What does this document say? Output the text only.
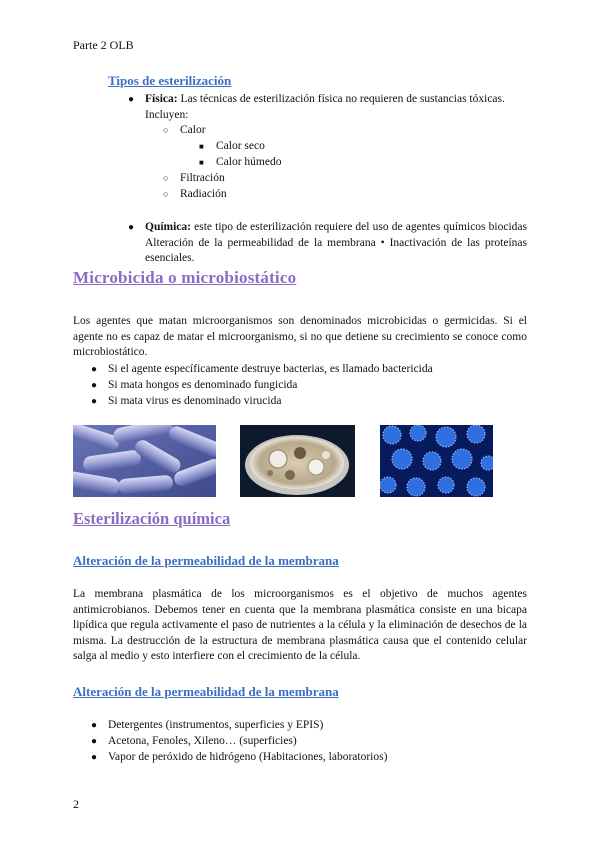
Parte 2 OLB
Tipos de esterilización
● Física: Las técnicas de esterilización física no requieren de sustancias tóxicas. Incluyen:
○ Calor
■ Calor seco
■ Calor húmedo
○ Filtración
○ Radiación
● Química: este tipo de esterilización requiere del uso de agentes químicos biocidas Alteración de la permeabilidad de la membrana • Inactivación de las proteínas esenciales.
Microbicida o microbiostático
Los agentes que matan microorganismos son denominados microbicidas o germicidas. Si el agente no es capaz de matar el microorganismo, si no que detiene su crecimiento se conoce como microbiostático.
● Si el agente específicamente destruye bacterias, es llamado bactericida
● Si mata hongos es denominado fungicida
● Si mata virus es denominado virucida
Esterilización química
Alteración de la permeabilidad de la membrana
La membrana plasmática de los microorganismos es el objetivo de muchos agentes antimicrobianos. Debemos tener en cuenta que la membrana plasmática consiste en una bicapa lipídica que regula activamente el paso de nutrientes a la célula y la eliminación de desechos de la misma. La destrucción de la estructura de membrana plasmática causa que el contenido celular salga al medio y esto interfiere con el crecimiento de la célula.
Alteración de la permeabilidad de la membrana
● Detergentes (instrumentos, superficies y EPIS)
● Acetona, Fenoles, Xileno… (superficies)
● Vapor de peróxido de hidrógeno (Habitaciones, laboratorios)
2
